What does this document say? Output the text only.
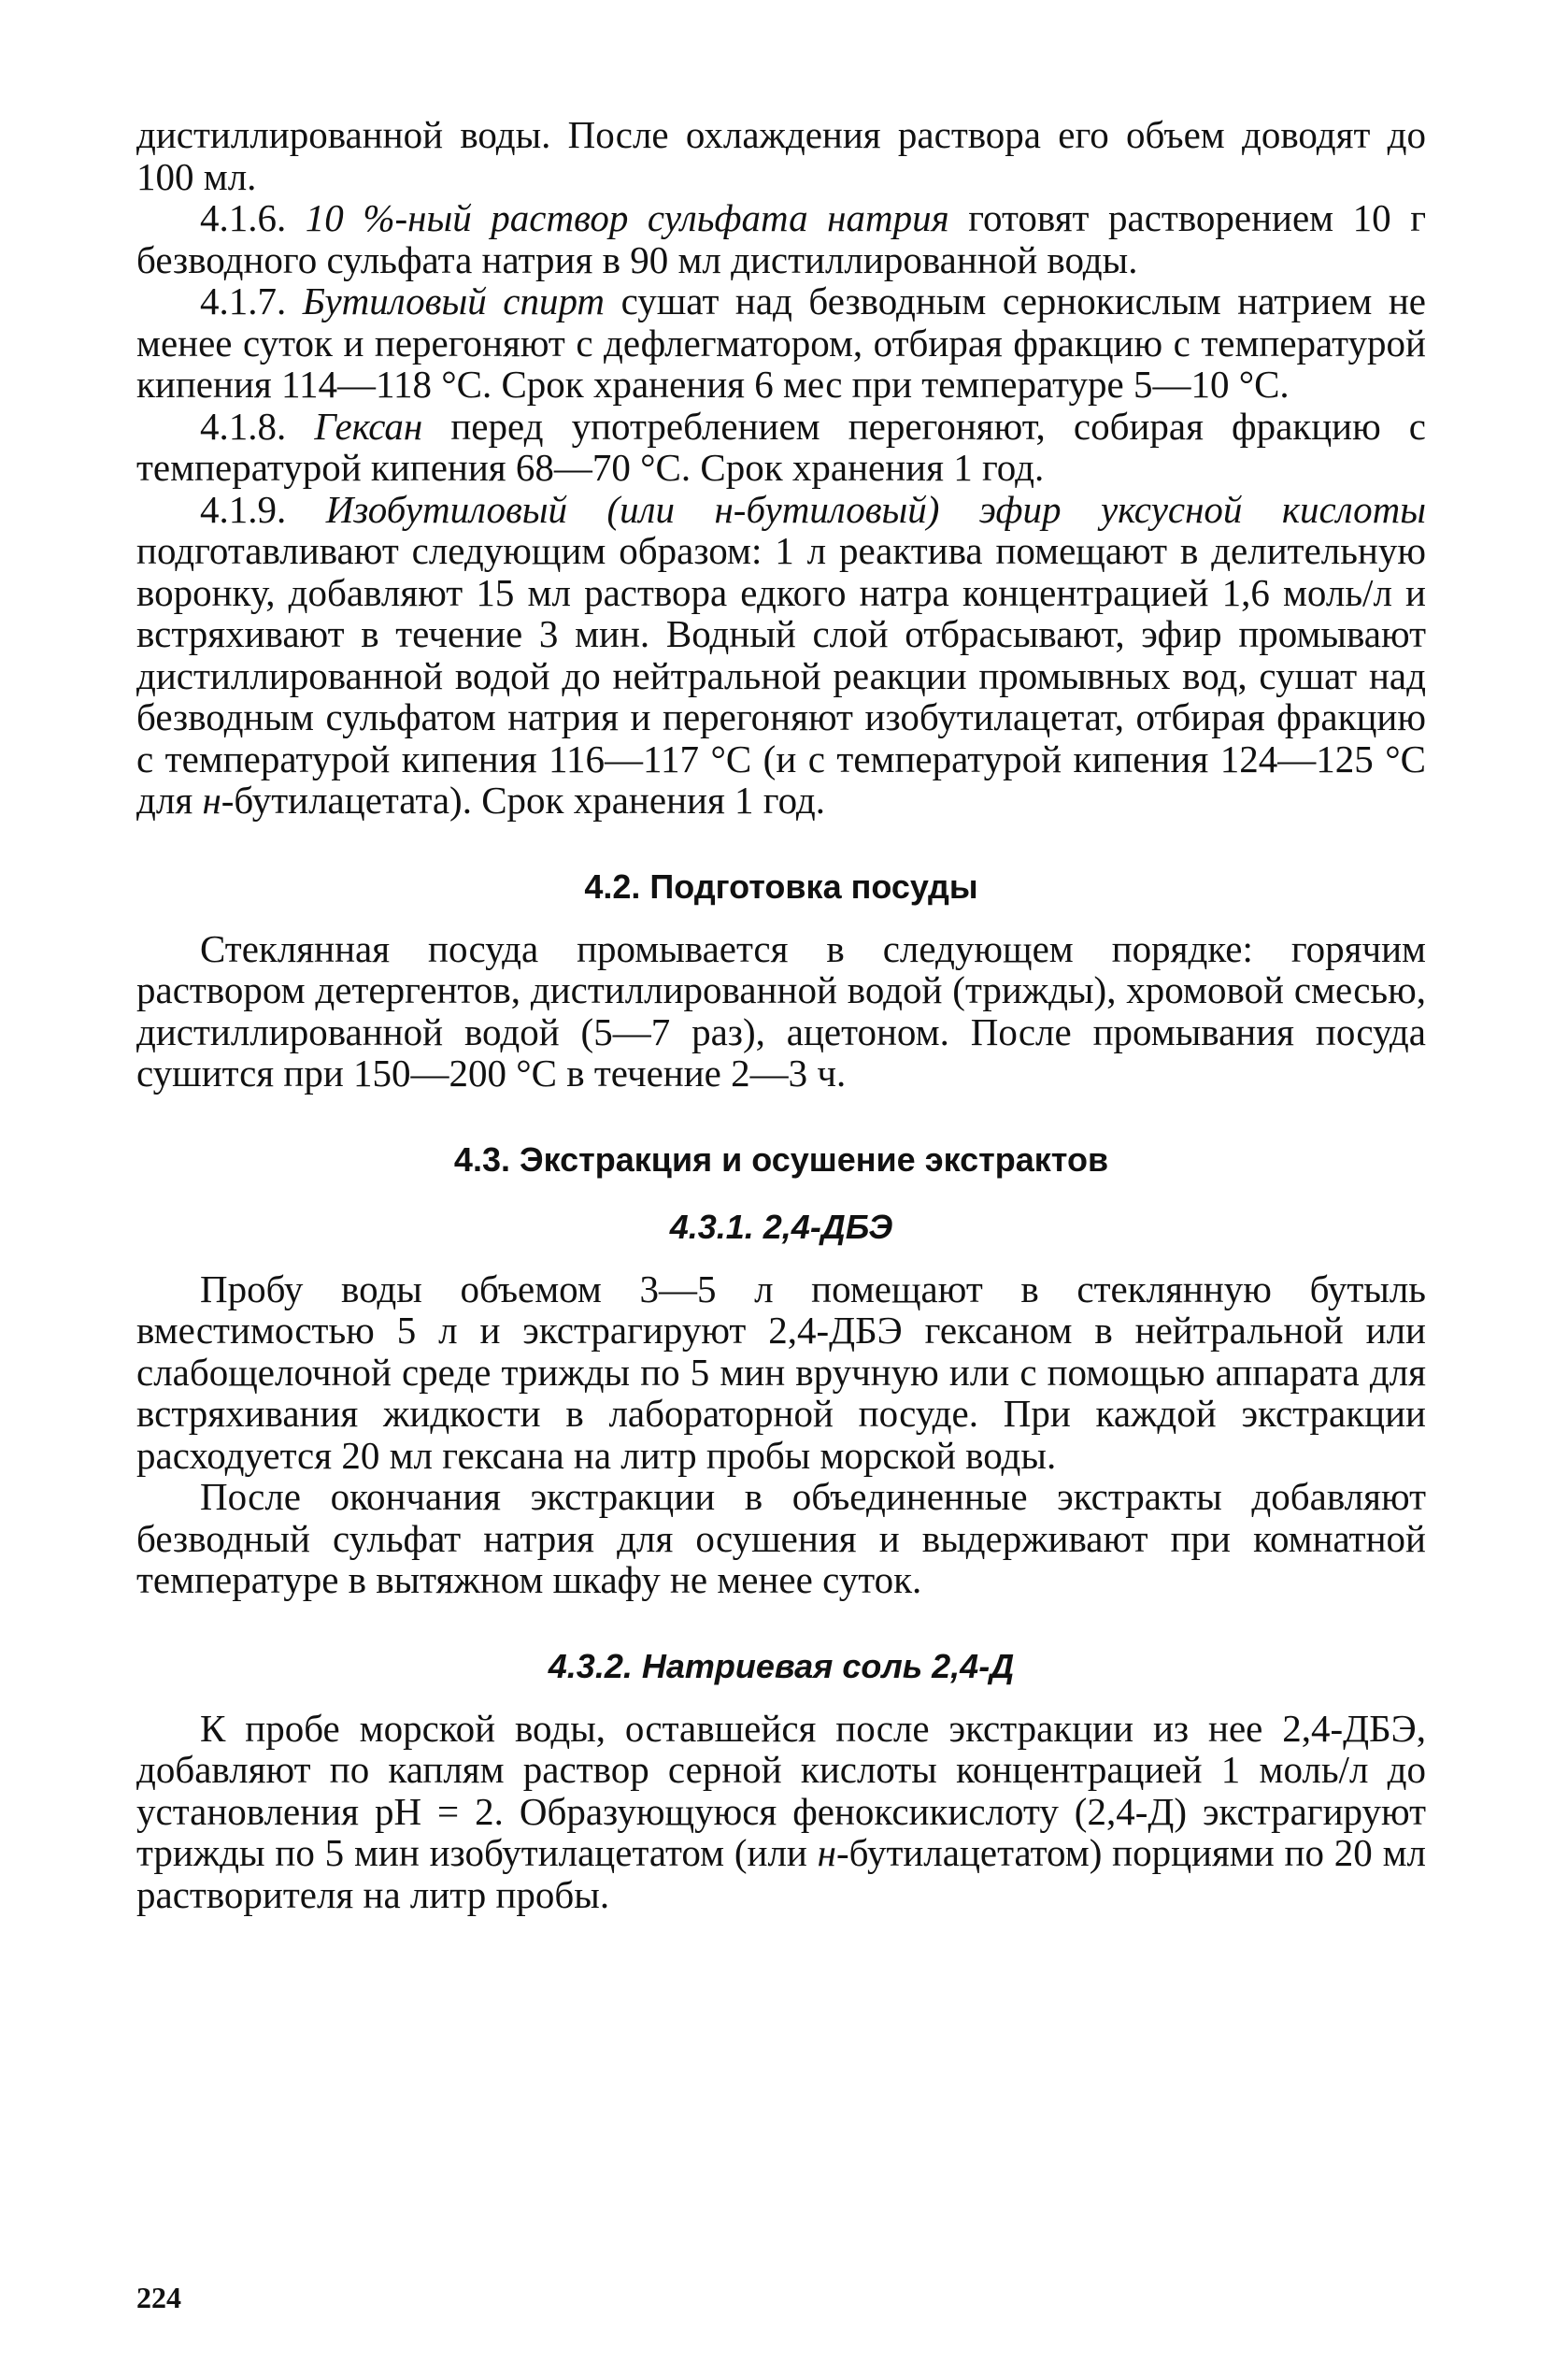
дистиллированной воды. После охлаждения раствора его объем доводят до 100 мл.

4.1.6. 10 %-ный раствор сульфата натрия готовят растворением 10 г безводного сульфата натрия в 90 мл дистиллированной воды.

4.1.7. Бутиловый спирт сушат над безводным сернокислым натрием не менее суток и перегоняют с дефлегматором, отбирая фракцию с температурой кипения 114—118 °С. Срок хранения 6 мес при температуре 5—10 °С.

4.1.8. Гексан перед употреблением перегоняют, собирая фракцию с температурой кипения 68—70 °С. Срок хранения 1 год.

4.1.9. Изобутиловый (или н-бутиловый) эфир уксусной кислоты подготавливают следующим образом: 1 л реактива помещают в делительную воронку, добавляют 15 мл раствора едкого натра концентрацией 1,6 моль/л и встряхивают в течение 3 мин. Водный слой отбрасывают, эфир промывают дистиллированной водой до нейтральной реакции промывных вод, сушат над безводным сульфатом натрия и перегоняют изобутилацетат, отбирая фракцию с температурой кипения 116—117 °С (и с температурой кипения 124—125 °С для н-бутилацетата). Срок хранения 1 год.

4.2. Подготовка посуды

Стеклянная посуда промывается в следующем порядке: горячим раствором детергентов, дистиллированной водой (трижды), хромовой смесью, дистиллированной водой (5—7 раз), ацетоном. После промывания посуда сушится при 150—200 °С в течение 2—3 ч.

4.3. Экстракция и осушение экстрактов
4.3.1. 2,4-ДБЭ

Пробу воды объемом 3—5 л помещают в стеклянную бутыль вместимостью 5 л и экстрагируют 2,4-ДБЭ гексаном в нейтральной или слабощелочной среде трижды по 5 мин вручную или с помощью аппарата для встряхивания жидкости в лабораторной посуде. При каждой экстракции расходуется 20 мл гексана на литр пробы морской воды.

После окончания экстракции в объединенные экстракты добавляют безводный сульфат натрия для осушения и выдерживают при комнатной температуре в вытяжном шкафу не менее суток.

4.3.2. Натриевая соль 2,4-Д

К пробе морской воды, оставшейся после экстракции из нее 2,4-ДБЭ, добавляют по каплям раствор серной кислоты концентрацией 1 моль/л до установления рН = 2. Образующуюся феноксикислоту (2,4-Д) экстрагируют трижды по 5 мин изобутилацетатом (или н-бутилацетатом) порциями по 20 мл растворителя на литр пробы.

224
